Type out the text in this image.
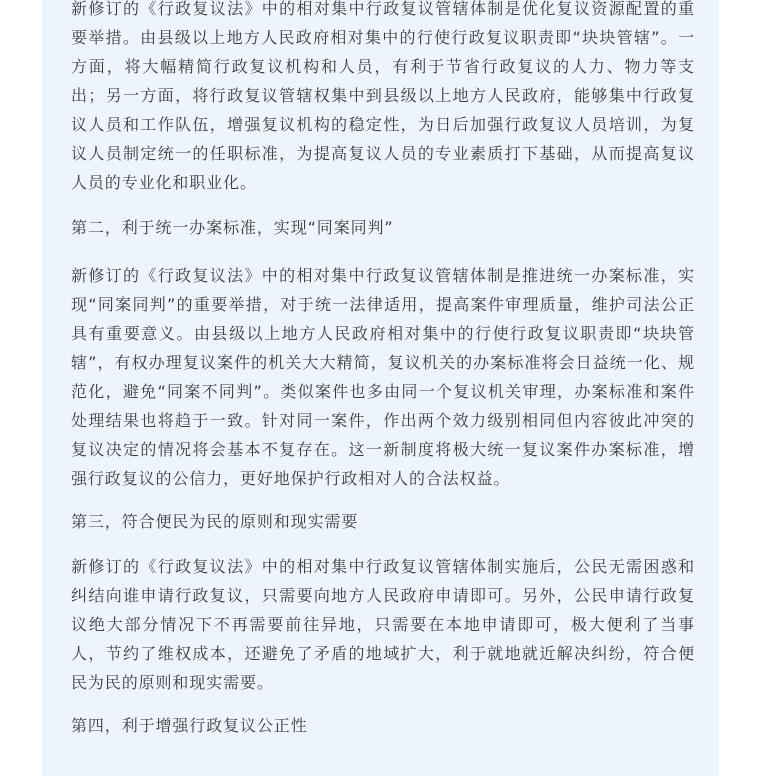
新修订的《行政复议法》中的相对集中行政复议管辖体制是优化复议资源配置的重要举措。由县级以上地方人民政府相对集中的行使行政复议职责即“块块管辖”。一方面，将大幅精简行政复议机构和人员，有利于节省行政复议的人力、物力等支出；另一方面，将行政复议管辖权集中到县级以上地方人民政府，能够集中行政复议人员和工作队伍，增强复议机构的稳定性，为日后加强行政复议人员培训，为复议人员制定统一的任职标准，为提高复议人员的专业素质打下基础，从而提高复议人员的专业化和职业化。

第二，利于统一办案标准，实现“同案同判”

新修订的《行政复议法》中的相对集中行政复议管辖体制是推进统一办案标准，实现“同案同判”的重要举措，对于统一法律适用，提高案件审理质量，维护司法公正具有重要意义。由县级以上地方人民政府相对集中的行使行政复议职责即“块块管辖”，有权办理复议案件的机关大大精简，复议机关的办案标准将会日益统一化、规范化，避免“同案不同判”。类似案件也多由同一个复议机关审理，办案标准和案件处理结果也将趋于一致。针对同一案件，作出两个效力级别相同但内容彼此冲突的复议决定的情况将会基本不复存在。这一新制度将极大统一复议案件办案标准，增强行政复议的公信力，更好地保护行政相对人的合法权益。

第三，符合便民为民的原则和现实需要

新修订的《行政复议法》中的相对集中行政复议管辖体制实施后，公民无需困惑和纠结向谁申请行政复议，只需要向地方人民政府申请即可。另外，公民申请行政复议绝大部分情况下不再需要前往异地，只需要在本地申请即可，极大便利了当事人，节约了维权成本，还避免了矛盾的地域扩大，利于就地就近解决纠纷，符合便民为民的原则和现实需要。

第四，利于增强行政复议公正性
